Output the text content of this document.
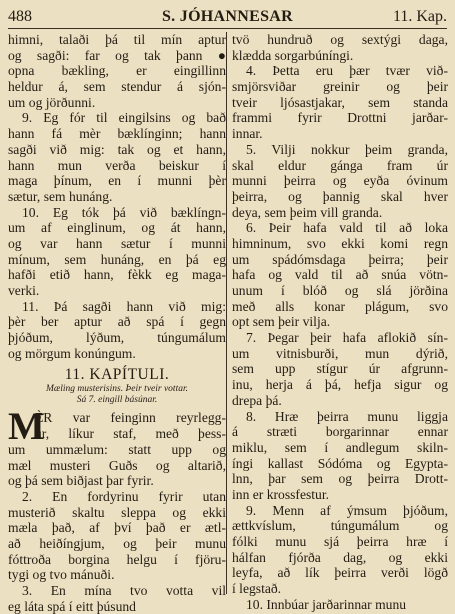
488	S. JÓHANNESAR	11. Kap.
himni, talaði þá til mín aptur
og sagði: far og tak þann ●
opna bækling, er eingillinn
heldur á, sem stendur á sjón-
um og jörðunni.
9. Eg fór til eingilsins og bað
hann fá mèr bæklínginn; hann
sagði við mig: tak og et hann,
hann mun verða beiskur í
maga þínum, en í munni þèr
sætur, sem hunáng.
10. Eg tók þá við bæklíngn-
um af einglinum, og át hann,
og var hann sætur í munni
mínum, sem hunáng, en þá eg
hafði etið hann, fèkk eg maga-
verki.
11. Þá sagði hann við mig:
þèr ber aptur að spá í gegn
þjóðum, lýðum, túngumálum
og mörgum konúngum.
11. KAPÍTULI.
Mæling musterisins. Þeir tveir vottar.
Sá 7. eingill básúnar.
M
ÈR var feinginn reyrlegg-
ur, líkur staf, með þess-
um ummælum: statt upp og
mæl musteri Guðs og altarið,
og þá sem biðjast þar fyrir.
2. En fordyrinu fyrir utan
musterið skaltu sleppa og ekki
mæla það, af því það er ætl-
að heiðíngjum, og þeir munu
fóttroða borgina helgu í fjöru-
tygi og tvo mánuði.
3. En mína tvo votta vil
eg láta spá í eitt þúsund
tvö hundruð og sextýgi daga,
klædda sorgarbúníngi.
4. Þetta eru þær tvær við-
smjörsviðar greinir og þeir
tveir ljósastjakar, sem standa
frammi fyrir Drottni jarðar-
innar.
5. Vilji nokkur þeim granda,
skal eldur gánga fram úr
munni þeirra og eyða óvinum
þeirra, og þannig skal hver
deya, sem þeim vill granda.
6. Þeir hafa vald til að loka
himninum, svo ekki komi regn
um spádómsdaga þeirra; þeir
hafa og vald til að snúa vötn-
unum í blóð og slá jörðina
með alls konar plágum, svo
opt sem þeir vilja.
7. Þegar þeir hafa aflokið sín-
um vitnisburði, mun dýrið,
sem upp stígur úr afgrunn-
inu, herja á þá, hefja sigur og
drepa þá.
8. Hræ þeirra munu liggja
á stræti borgarinnar ennar
miklu, sem í andlegum skiln-
íngi kallast Sódóma og Egypta-
lnn, þar sem og þeirra Drott-
inn er krossfestur.
9. Menn af ýmsum þjóðum,
ættkvíslum, túngumálum og
fólki munu sjá þeirra hræ í
hálfan fjórða dag, og ekki
leyfa, að lík þeirra verði lögð
í legstað.
10. Innbúar jarðarinnar munu
